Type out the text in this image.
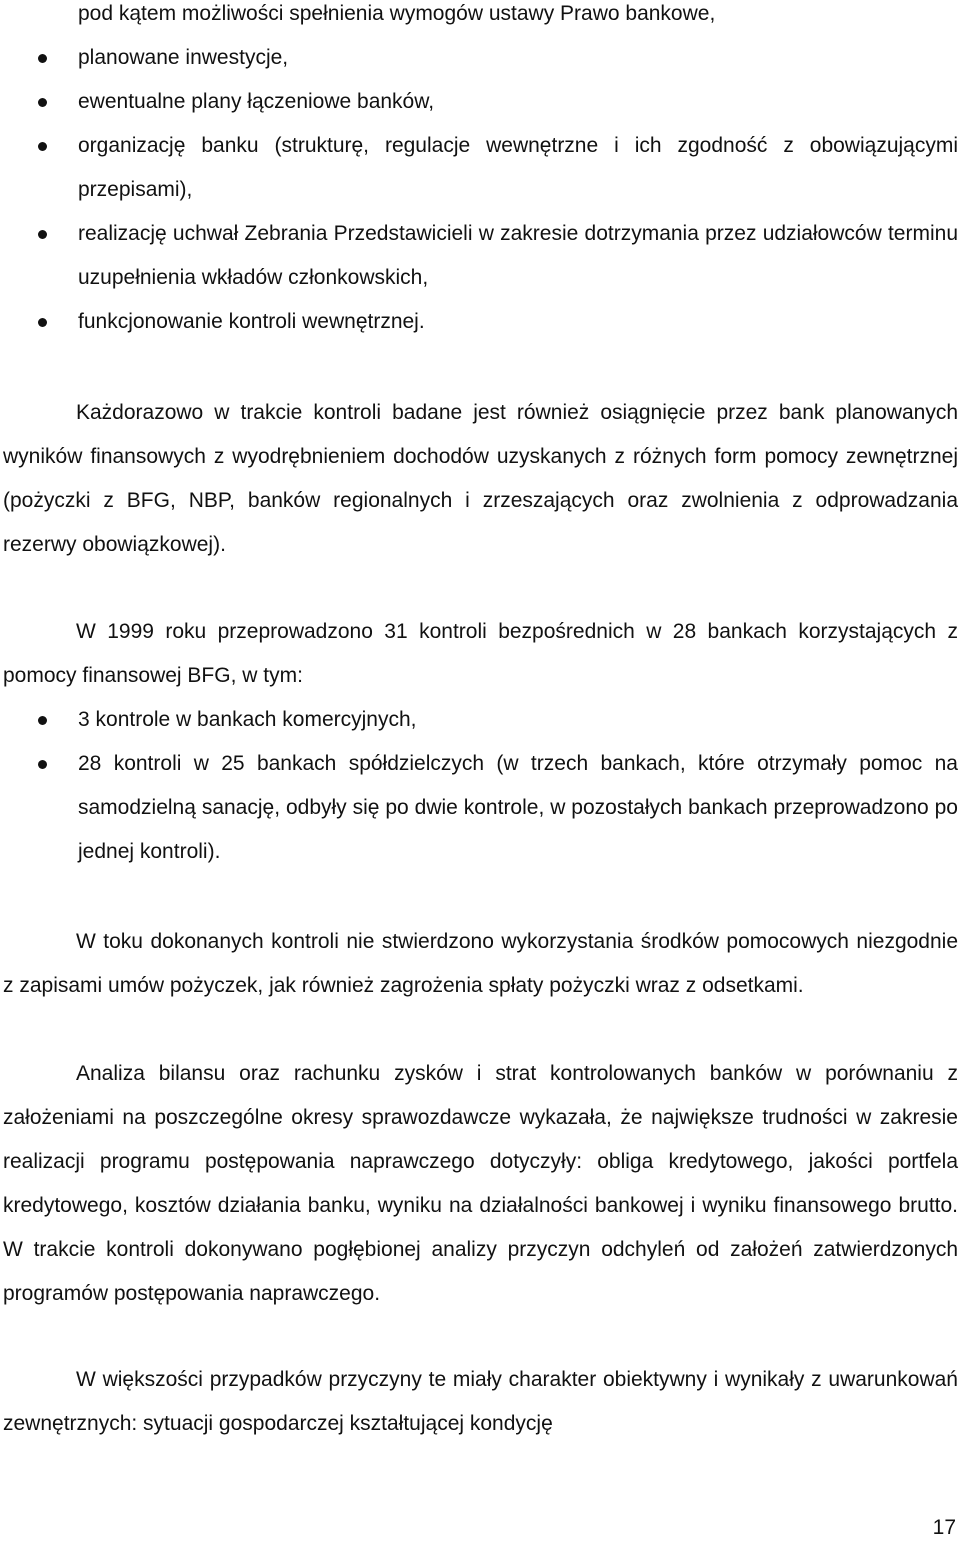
pod kątem możliwości spełnienia wymogów ustawy Prawo bankowe,
planowane inwestycje,
ewentualne plany łączeniowe banków,
organizację banku (strukturę, regulacje wewnętrzne i ich zgodność z obowiązującymi przepisami),
realizację uchwał Zebrania Przedstawicieli w zakresie dotrzymania przez udziałowców terminu uzupełnienia wkładów członkowskich,
funkcjonowanie kontroli wewnętrznej.

Każdorazowo w trakcie kontroli badane jest również osiągnięcie przez bank planowanych wyników finansowych z wyodrębnieniem dochodów uzyskanych z różnych form pomocy zewnętrznej (pożyczki z BFG, NBP, banków regionalnych i zrzeszających oraz zwolnienia z odprowadzania rezerwy obowiązkowej).

W 1999 roku przeprowadzono 31 kontroli bezpośrednich w 28 bankach korzystających z pomocy finansowej BFG, w tym:

3 kontrole w bankach komercyjnych,
28 kontroli w 25 bankach spółdzielczych (w trzech bankach, które otrzymały pomoc na samodzielną sanację, odbyły się po dwie kontrole, w pozostałych bankach przeprowadzono po jednej kontroli).

W toku dokonanych kontroli nie stwierdzono wykorzystania środków pomocowych niezgodnie z zapisami umów pożyczek, jak również zagrożenia spłaty pożyczki wraz z odsetkami.

Analiza bilansu oraz rachunku zysków i strat kontrolowanych banków w porównaniu z założeniami na poszczególne okresy sprawozdawcze wykazała, że największe trudności w zakresie realizacji programu postępowania naprawczego dotyczyły: obliga kredytowego, jakości portfela kredytowego, kosztów działania banku, wyniku na działalności bankowej i wyniku finansowego brutto. W trakcie kontroli dokonywano pogłębionej analizy przyczyn odchyleń od założeń zatwierdzonych programów postępowania naprawczego.

W większości przypadków przyczyny te miały charakter obiektywny i wynikały z uwarunkowań zewnętrznych: sytuacji gospodarczej kształtującej kondycję

17
